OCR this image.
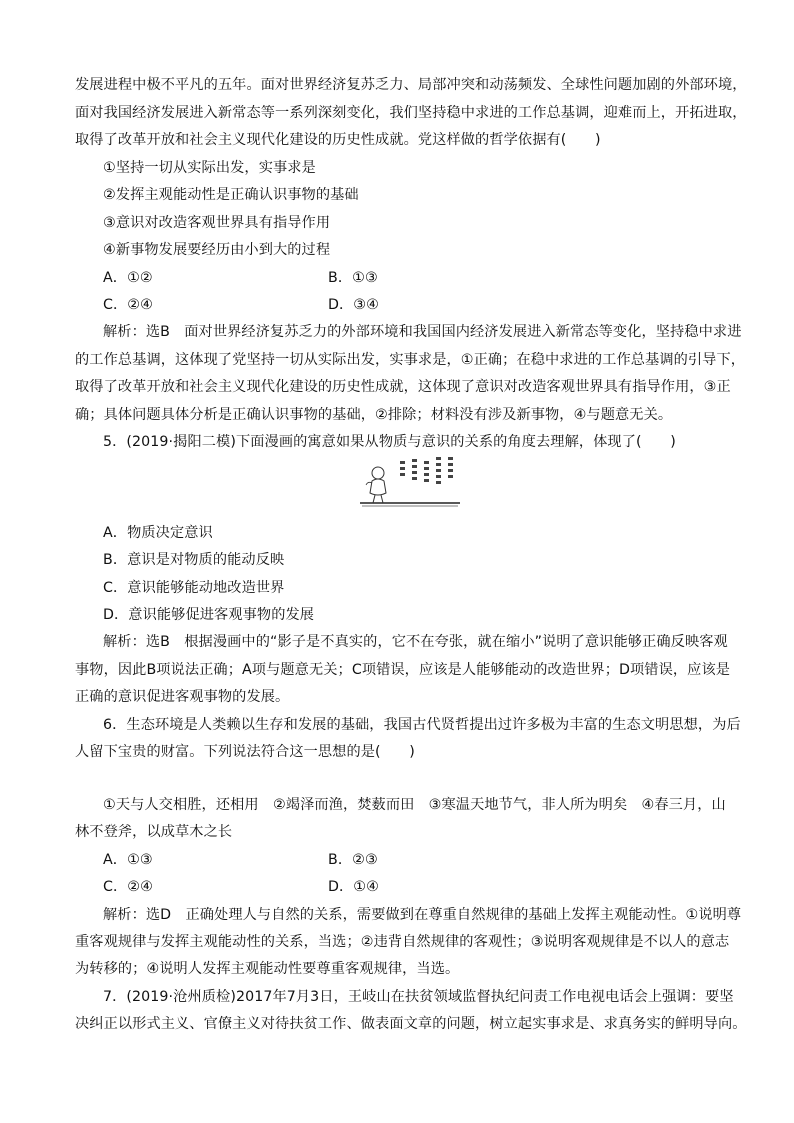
发展进程中极不平凡的五年。面对世界经济复苏乏力、局部冲突和动荡频发、全球性问题加剧的外部环境，
面对我国经济发展进入新常态等一系列深刻变化，我们坚持稳中求进的工作总基调，迎难而上，开拓进取，
取得了改革开放和社会主义现代化建设的历史性成就。党这样做的哲学依据有(　　)
①坚持一切从实际出发，实事求是
②发挥主观能动性是正确认识事物的基础
③意识对改造客观世界具有指导作用
④新事物发展要经历由小到大的过程
A．①②	B．①③
C．②④	D．③④
解析：选B　面对世界经济复苏乏力的外部环境和我国国内经济发展进入新常态等变化，坚持稳中求进
的工作总基调，这体现了党坚持一切从实际出发，实事求是，①正确；在稳中求进的工作总基调的引导下，
取得了改革开放和社会主义现代化建设的历史性成就，这体现了意识对改造客观世界具有指导作用，③正
确；具体问题具体分析是正确认识事物的基础，②排除；材料没有涉及新事物，④与题意无关。
5．(2019·揭阳二模)下面漫画的寓意如果从物质与意识的关系的角度去理解，体现了(　　)
A．物质决定意识
B．意识是对物质的能动反映
C．意识能够能动地改造世界
D．意识能够促进客观事物的发展
解析：选B　根据漫画中的“影子是不真实的，它不在夸张，就在缩小”说明了意识能够正确反映客观
事物，因此B项说法正确；A项与题意无关；C项错误，应该是人能够能动的改造世界；D项错误，应该是
正确的意识促进客观事物的发展。
6．生态环境是人类赖以生存和发展的基础，我国古代贤哲提出过许多极为丰富的生态文明思想，为后
人留下宝贵的财富。下列说法符合这一思想的是(　　)
①天与人交相胜，还相用　②竭泽而渔，焚薮而田　③寒温天地节气，非人所为明矣　④春三月，山
林不登斧，以成草木之长
A．①③	B．②③
C．②④	D．①④
解析：选D　正确处理人与自然的关系，需要做到在尊重自然规律的基础上发挥主观能动性。①说明尊
重客观规律与发挥主观能动性的关系，当选；②违背自然规律的客观性；③说明客观规律是不以人的意志
为转移的；④说明人发挥主观能动性要尊重客观规律，当选。
7．(2019·沧州质检)2017年7月3日，王岐山在扶贫领域监督执纪问责工作电视电话会上强调：要坚
决纠正以形式主义、官僚主义对待扶贫工作、做表面文章的问题，树立起实事求是、求真务实的鲜明导向。
